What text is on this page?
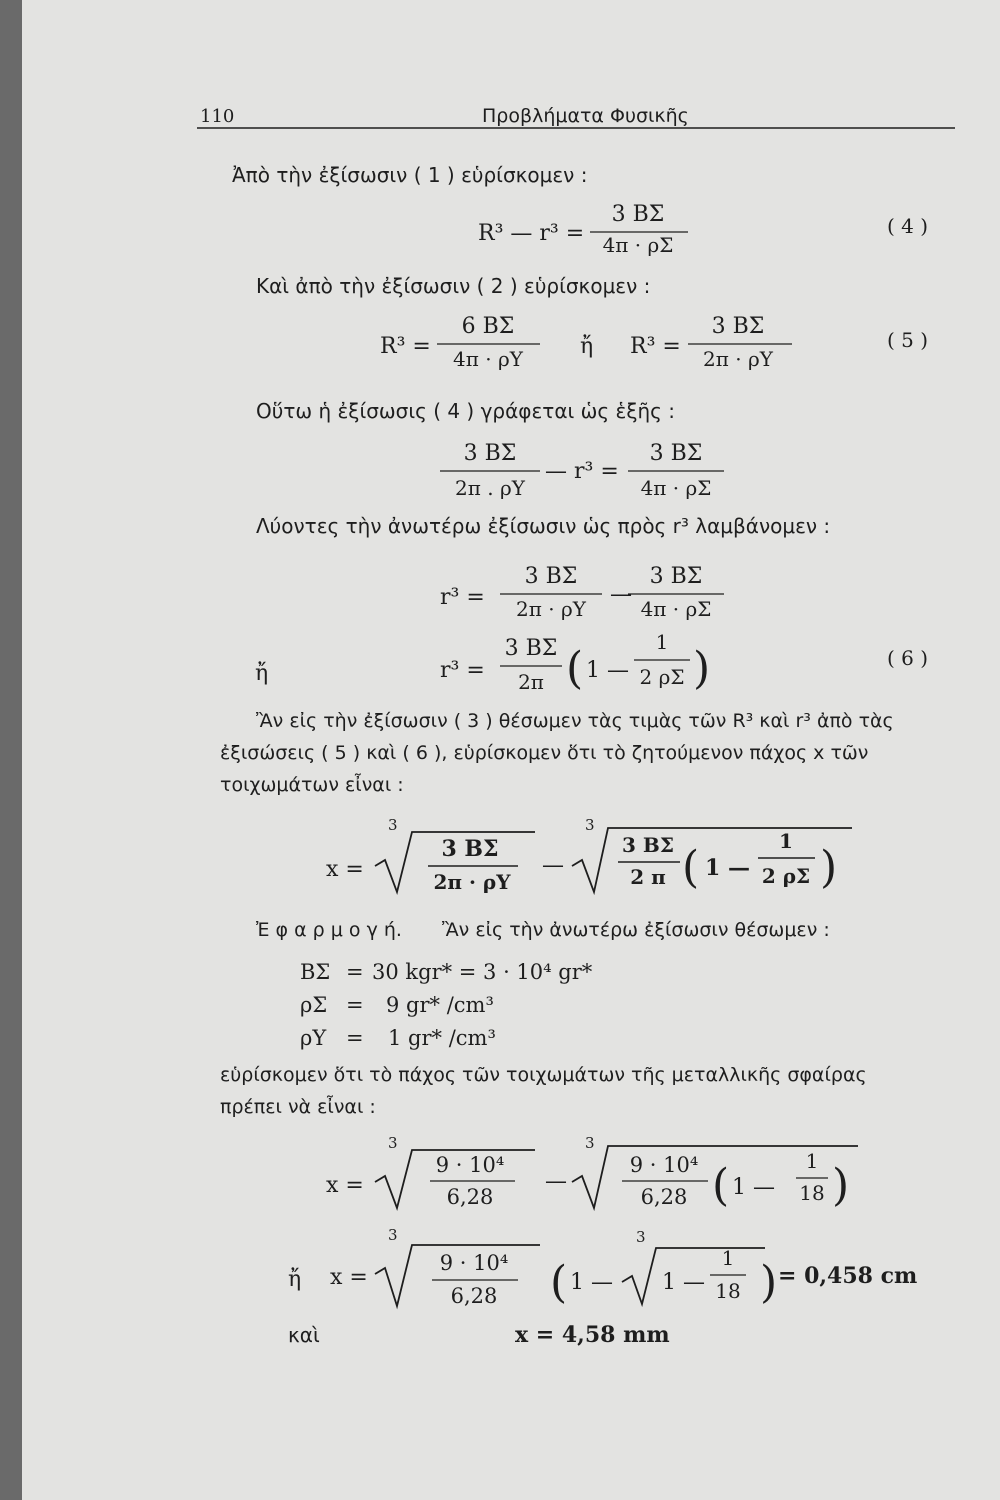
110	Προβλήματα Φυσικῆς
Ἀπὸ τὴν ἐξίσωσιν ( 1 ) εὑρίσκομεν :
R³ — r³ =
3 BΣ
4π · ρΣ
( 4 )
Καὶ ἀπὸ τὴν ἐξίσωσιν ( 2 ) εὑρίσκομεν :
R³ =
6 BΣ
4π · ρΥ	ἤ R³ =
3 BΣ
2π · ρΥ
( 5 )
Οὕτω ἡ ἐξίσωσις ( 4 ) γράφεται ὡς ἑξῆς :
3 BΣ
2π . ρΥ
— r³ =
3 BΣ
4π · ρΣ
Λύοντες τὴν ἀνωτέρω ἐξίσωσιν ὡς πρὸς r³ λαμβάνομεν :
r³ =
3 BΣ
2π · ρΥ
—
3 BΣ
4π · ρΣ
ἤ	r³ =
3 BΣ
2π ( 1 —
1
2 ρΣ )	( 6 )
Ἂν εἰς τὴν ἐξίσωσιν ( 3 ) θέσωμεν τὰς τιμὰς τῶν R³ καὶ r³ ἀπὸ τὰς
ἐξισώσεις ( 5 ) καὶ ( 6 ), εὑρίσκομεν ὅτι τὸ ζητούμενον πάχος x τῶν
τοιχωμάτων εἶναι :
x =
3
3 BΣ
2π · ρΥ
—
3
3 BΣ
2 π ( 1 —
1
2 ρΣ )
Ἐ φ α ρ μ ο γ ή. Ἂν εἰς τὴν ἀνωτέρω ἐξίσωσιν θέσωμεν :
BΣ = 30 kgr* = 3 · 10⁴ gr*
ρΣ = 9 gr* /cm³
ρΥ = 1 gr* /cm³
εὑρίσκομεν ὅτι τὸ πάχος τῶν τοιχωμάτων τῆς μεταλλικῆς σφαίρας
πρέπει νὰ εἶναι :
x =
3
9 · 10⁴
6,28
—
3
9 · 10⁴
6,28 ( 1 —
1
18 )
ἤ x =
3
9 · 10⁴
6,28 ( 1 —
3
1 —
1
18 ) = 0,458 cm
καὶ	x = 4,58 mm
